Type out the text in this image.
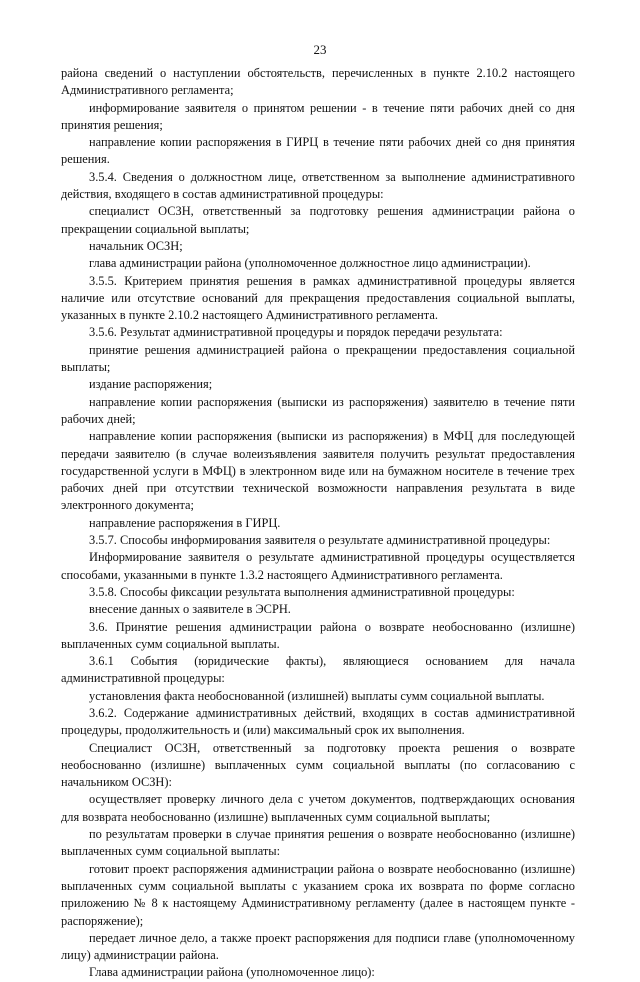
23

района сведений о наступлении обстоятельств, перечисленных в пункте 2.10.2 настоящего Административного регламента;

информирование заявителя о принятом решении - в течение пяти рабочих дней со дня принятия решения;

направление копии распоряжения в ГИРЦ в течение пяти рабочих дней со дня принятия решения.

3.5.4. Сведения о должностном лице, ответственном за выполнение административного действия, входящего в состав административной процедуры:

специалист ОСЗН, ответственный за подготовку решения администрации района о прекращении социальной выплаты;

начальник ОСЗН;

глава администрации района (уполномоченное должностное лицо администрации).

3.5.5. Критерием принятия решения в рамках административной процедуры является наличие или отсутствие оснований для прекращения предоставления социальной выплаты, указанных в пункте 2.10.2 настоящего Административного регламента.

3.5.6. Результат административной процедуры и порядок передачи результата:

принятие решения администрацией района о прекращении предоставления социальной выплаты;

издание распоряжения;

направление копии распоряжения (выписки из распоряжения) заявителю в течение пяти рабочих дней;

направление копии распоряжения (выписки из распоряжения) в МФЦ для последующей передачи заявителю (в случае волеизъявления заявителя получить результат предоставления государственной услуги в МФЦ) в электронном виде или на бумажном носителе в течение трех рабочих дней при отсутствии технической возможности направления результата в виде электронного документа;

направление распоряжения в ГИРЦ.

3.5.7. Способы информирования заявителя о результате административной процедуры:

Информирование заявителя о результате административной процедуры осуществляется способами, указанными в пункте 1.3.2 настоящего Административного регламента.

3.5.8. Способы фиксации результата выполнения административной процедуры:

внесение данных о заявителе в ЭСРН.

3.6. Принятие решения администрации района о возврате необоснованно (излишне) выплаченных сумм социальной выплаты.

3.6.1 События (юридические факты), являющиеся основанием для начала административной процедуры:

установления факта необоснованной (излишней) выплаты сумм социальной выплаты.

3.6.2. Содержание административных действий, входящих в состав административной процедуры, продолжительность и (или) максимальный срок их выполнения.

Специалист ОСЗН, ответственный за подготовку проекта решения о возврате необоснованно (излишне) выплаченных сумм социальной выплаты (по согласованию с начальником ОСЗН):

осуществляет проверку личного дела с учетом документов, подтверждающих основания для возврата необоснованно (излишне) выплаченных сумм социальной выплаты;

по результатам проверки в случае принятия решения о возврате необоснованно (излишне) выплаченных сумм социальной выплаты:

готовит проект распоряжения администрации района о возврате необоснованно (излишне) выплаченных сумм социальной выплаты с указанием срока их возврата по форме согласно приложению № 8 к настоящему Административному регламенту (далее в настоящем пункте - распоряжение);

передает личное дело, а также проект распоряжения для подписи главе (уполномоченному лицу) администрации района.

Глава администрации района (уполномоченное лицо):
